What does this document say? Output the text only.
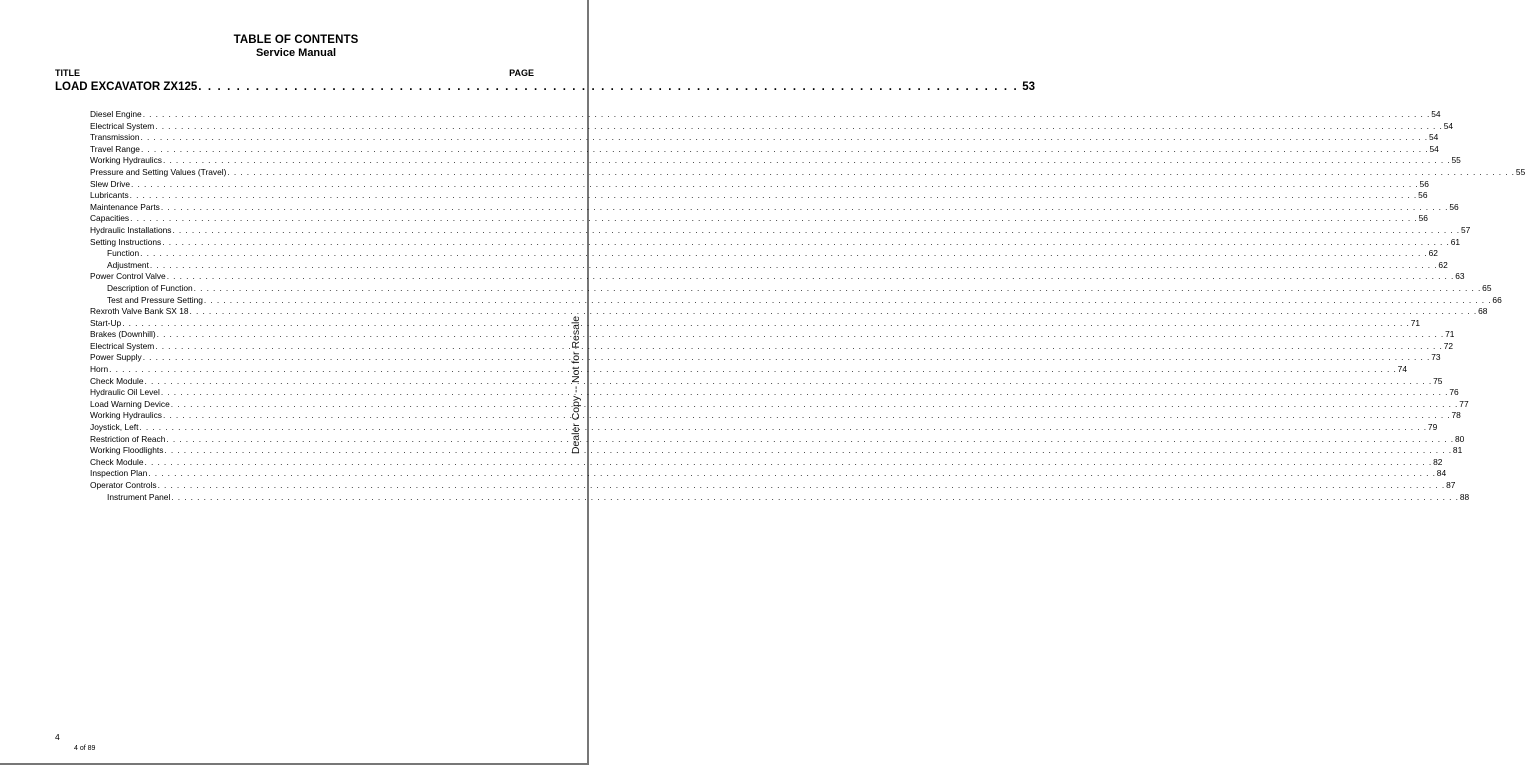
TABLE OF CONTENTS
Service Manual
TITLE	PAGE
LOAD EXCAVATOR ZX125 . . . . . . . . . . . . . . . . . . . . . . . . . . . . . . . . . . . . . . . . . . . . . . . . . . . . . . . . . . . . . . . . . . . . . . . . . . . . . . . . . . . . . . 53
Diesel Engine . . . . . . . . . . . . . . . . . . . . . . . . . . . . . . . . . . . . . . . . . . . . . . . . . . . . . . . . . . . . . . . . . . . . . . . . . . . . . . . . . . . . . . . . . . . . . . . . . . . . . . . . . . . . . . . . . . . . . . . . . . . . . . . . . . . . . . . . . . . . . . . . . . . . . . . . . . . . . . . . . . . . . . . . . . . . . . . . . . . . . . . . . . . . . . . . . . . . . . . . 54
Electrical System . . . . . . . . . . . . . . . . . . . . . . . . . . . . . . . . . . . . . . . . . . . . . . . . . . . . . . . . . . . . . . . . . . . . . . . . . . . . . . . . . . . . . . . . . . . . . . . . . . . . . . . . . . . . . . . . . . . . . . . . . . . . . . . . . . . . . . . . . . . . . . . . . . . . . . . . . . . . . . . . . . . . . . . . . . . . . . . . . . . . . . . . . . . . . . . . . . . . . . . . 54
Transmission . . . . . . . . . . . . . . . . . . . . . . . . . . . . . . . . . . . . . . . . . . . . . . . . . . . . . . . . . . . . . . . . . . . . . . . . . . . . . . . . . . . . . . . . . . . . . . . . . . . . . . . . . . . . . . . . . . . . . . . . . . . . . . . . . . . . . . . . . . . . . . . . . . . . . . . . . . . . . . . . . . . . . . . . . . . . . . . . . . . . . . . . . . . . . . . . . . . . . . . . 54
Travel Range . . . . . . . . . . . . . . . . . . . . . . . . . . . . . . . . . . . . . . . . . . . . . . . . . . . . . . . . . . . . . . . . . . . . . . . . . . . . . . . . . . . . . . . . . . . . . . . . . . . . . . . . . . . . . . . . . . . . . . . . . . . . . . . . . . . . . . . . . . . . . . . . . . . . . . . . . . . . . . . . . . . . . . . . . . . . . . . . . . . . . . . . . . . . . . . . . . . . . . . . 54
Working Hydraulics . . . . . . . . . . . . . . . . . . . . . . . . . . . . . . . . . . . . . . . . . . . . . . . . . . . . . . . . . . . . . . . . . . . . . . . . . . . . . . . . . . . . . . . . . . . . . . . . . . . . . . . . . . . . . . . . . . . . . . . . . . . . . . . . . . . . . . . . . . . . . . . . . . . . . . . . . . . . . . . . . . . . . . . . . . . . . . . . . . . . . . . . . . . . . . . . . . . . . . . . 55
Pressure and Setting Values (Travel) . . . . . . . . . . . . . . . . . . . . . . . . . . . . . . . . . . . . . . . . . . . . . . . . . . . . . . . . . . . . . . . . . . . . . . . . . . . . . . . . . . . . . . . . . . . . . . . . . . . . . . . . . . . . . . . . . . . . . . . . . . . . . . . . . . . . . . . . . . . . . . . . . . . . . . . . . . . . . . . . . . . . . . . . . . . . . . . . . . . . . . . . . . . . . . . . . . . . . . . . 55
Slew Drive . . . . . . . . . . . . . . . . . . . . . . . . . . . . . . . . . . . . . . . . . . . . . . . . . . . . . . . . . . . . . . . . . . . . . . . . . . . . . . . . . . . . . . . . . . . . . . . . . . . . . . . . . . . . . . . . . . . . . . . . . . . . . . . . . . . . . . . . . . . . . . . . . . . . . . . . . . . . . . . . . . . . . . . . . . . . . . . . . . . . . . . . . . . . . . . . . . . . . . . . 56
Lubricants . . . . . . . . . . . . . . . . . . . . . . . . . . . . . . . . . . . . . . . . . . . . . . . . . . . . . . . . . . . . . . . . . . . . . . . . . . . . . . . . . . . . . . . . . . . . . . . . . . . . . . . . . . . . . . . . . . . . . . . . . . . . . . . . . . . . . . . . . . . . . . . . . . . . . . . . . . . . . . . . . . . . . . . . . . . . . . . . . . . . . . . . . . . . . . . . . . . . . . . . 56
Maintenance Parts . . . . . . . . . . . . . . . . . . . . . . . . . . . . . . . . . . . . . . . . . . . . . . . . . . . . . . . . . . . . . . . . . . . . . . . . . . . . . . . . . . . . . . . . . . . . . . . . . . . . . . . . . . . . . . . . . . . . . . . . . . . . . . . . . . . . . . . . . . . . . . . . . . . . . . . . . . . . . . . . . . . . . . . . . . . . . . . . . . . . . . . . . . . . . . . . . . . . . . . . 56
Capacities . . . . . . . . . . . . . . . . . . . . . . . . . . . . . . . . . . . . . . . . . . . . . . . . . . . . . . . . . . . . . . . . . . . . . . . . . . . . . . . . . . . . . . . . . . . . . . . . . . . . . . . . . . . . . . . . . . . . . . . . . . . . . . . . . . . . . . . . . . . . . . . . . . . . . . . . . . . . . . . . . . . . . . . . . . . . . . . . . . . . . . . . . . . . . . . . . . . . . . . . 56
Hydraulic Installations . . . . . . . . . . . . . . . . . . . . . . . . . . . . . . . . . . . . . . . . . . . . . . . . . . . . . . . . . . . . . . . . . . . . . . . . . . . . . . . . . . . . . . . . . . . . . . . . . . . . . . . . . . . . . . . . . . . . . . . . . . . . . . . . . . . . . . . . . . . . . . . . . . . . . . . . . . . . . . . . . . . . . . . . . . . . . . . . . . . . . . . . . . . . . . . . . . . . . . . . 57
Setting Instructions . . . . . . . . . . . . . . . . . . . . . . . . . . . . . . . . . . . . . . . . . . . . . . . . . . . . . . . . . . . . . . . . . . . . . . . . . . . . . . . . . . . . . . . . . . . . . . . . . . . . . . . . . . . . . . . . . . . . . . . . . . . . . . . . . . . . . . . . . . . . . . . . . . . . . . . . . . . . . . . . . . . . . . . . . . . . . . . . . . . . . . . . . . . . . . . . . . . . . . . . 61
Function . . . . . . . . . . . . . . . . . . . . . . . . . . . . . . . . . . . . . . . . . . . . . . . . . . . . . . . . . . . . . . . . . . . . . . . . . . . . . . . . . . . . . . . . . . . . . . . . . . . . . . . . . . . . . . . . . . . . . . . . . . . . . . . . . . . . . . . . . . . . . . . . . . . . . . . . . . . . . . . . . . . . . . . . . . . . . . . . . . . . . . . . . . . . . . . . . . . . . . . . 62
Adjustment . . . . . . . . . . . . . . . . . . . . . . . . . . . . . . . . . . . . . . . . . . . . . . . . . . . . . . . . . . . . . . . . . . . . . . . . . . . . . . . . . . . . . . . . . . . . . . . . . . . . . . . . . . . . . . . . . . . . . . . . . . . . . . . . . . . . . . . . . . . . . . . . . . . . . . . . . . . . . . . . . . . . . . . . . . . . . . . . . . . . . . . . . . . . . . . . . . . . . . . . 62
Power Control Valve . . . . . . . . . . . . . . . . . . . . . . . . . . . . . . . . . . . . . . . . . . . . . . . . . . . . . . . . . . . . . . . . . . . . . . . . . . . . . . . . . . . . . . . . . . . . . . . . . . . . . . . . . . . . . . . . . . . . . . . . . . . . . . . . . . . . . . . . . . . . . . . . . . . . . . . . . . . . . . . . . . . . . . . . . . . . . . . . . . . . . . . . . . . . . . . . . . . . . . . . 63
Description of Function . . . . . . . . . . . . . . . . . . . . . . . . . . . . . . . . . . . . . . . . . . . . . . . . . . . . . . . . . . . . . . . . . . . . . . . . . . . . . . . . . . . . . . . . . . . . . . . . . . . . . . . . . . . . . . . . . . . . . . . . . . . . . . . . . . . . . . . . . . . . . . . . . . . . . . . . . . . . . . . . . . . . . . . . . . . . . . . . . . . . . . . . . . . . . . . . . . . . . . . . 65
Test and Pressure Setting . . . . . . . . . . . . . . . . . . . . . . . . . . . . . . . . . . . . . . . . . . . . . . . . . . . . . . . . . . . . . . . . . . . . . . . . . . . . . . . . . . . . . . . . . . . . . . . . . . . . . . . . . . . . . . . . . . . . . . . . . . . . . . . . . . . . . . . . . . . . . . . . . . . . . . . . . . . . . . . . . . . . . . . . . . . . . . . . . . . . . . . . . . . . . . . . . . . . . . . . 66
Rexroth Valve Bank SX 18 . . . . . . . . . . . . . . . . . . . . . . . . . . . . . . . . . . . . . . . . . . . . . . . . . . . . . . . . . . . . . . . . . . . . . . . . . . . . . . . . . . . . . . . . . . . . . . . . . . . . . . . . . . . . . . . . . . . . . . . . . . . . . . . . . . . . . . . . . . . . . . . . . . . . . . . . . . . . . . . . . . . . . . . . . . . . . . . . . . . . . . . . . . . . . . . . . . . . . . . . 68
Start-Up . . . . . . . . . . . . . . . . . . . . . . . . . . . . . . . . . . . . . . . . . . . . . . . . . . . . . . . . . . . . . . . . . . . . . . . . . . . . . . . . . . . . . . . . . . . . . . . . . . . . . . . . . . . . . . . . . . . . . . . . . . . . . . . . . . . . . . . . . . . . . . . . . . . . . . . . . . . . . . . . . . . . . . . . . . . . . . . . . . . . . . . . . . . . . . . . . . . . . . . . 71
Brakes (Downhill) . . . . . . . . . . . . . . . . . . . . . . . . . . . . . . . . . . . . . . . . . . . . . . . . . . . . . . . . . . . . . . . . . . . . . . . . . . . . . . . . . . . . . . . . . . . . . . . . . . . . . . . . . . . . . . . . . . . . . . . . . . . . . . . . . . . . . . . . . . . . . . . . . . . . . . . . . . . . . . . . . . . . . . . . . . . . . . . . . . . . . . . . . . . . . . . . . . . . . . . . 71
Electrical System . . . . . . . . . . . . . . . . . . . . . . . . . . . . . . . . . . . . . . . . . . . . . . . . . . . . . . . . . . . . . . . . . . . . . . . . . . . . . . . . . . . . . . . . . . . . . . . . . . . . . . . . . . . . . . . . . . . . . . . . . . . . . . . . . . . . . . . . . . . . . . . . . . . . . . . . . . . . . . . . . . . . . . . . . . . . . . . . . . . . . . . . . . . . . . . . . . . . . . . . 72
Power Supply . . . . . . . . . . . . . . . . . . . . . . . . . . . . . . . . . . . . . . . . . . . . . . . . . . . . . . . . . . . . . . . . . . . . . . . . . . . . . . . . . . . . . . . . . . . . . . . . . . . . . . . . . . . . . . . . . . . . . . . . . . . . . . . . . . . . . . . . . . . . . . . . . . . . . . . . . . . . . . . . . . . . . . . . . . . . . . . . . . . . . . . . . . . . . . . . . . . . . . . . 73
Horn . . . . . . . . . . . . . . . . . . . . . . . . . . . . . . . . . . . . . . . . . . . . . . . . . . . . . . . . . . . . . . . . . . . . . . . . . . . . . . . . . . . . . . . . . . . . . . . . . . . . . . . . . . . . . . . . . . . . . . . . . . . . . . . . . . . . . . . . . . . . . . . . . . . . . . . . . . . . . . . . . . . . . . . . . . . . . . . . . . . . . . . . . . . . . . . . . . . . . . . . 74
Check Module . . . . . . . . . . . . . . . . . . . . . . . . . . . . . . . . . . . . . . . . . . . . . . . . . . . . . . . . . . . . . . . . . . . . . . . . . . . . . . . . . . . . . . . . . . . . . . . . . . . . . . . . . . . . . . . . . . . . . . . . . . . . . . . . . . . . . . . . . . . . . . . . . . . . . . . . . . . . . . . . . . . . . . . . . . . . . . . . . . . . . . . . . . . . . . . . . . . . . . . . 75
Hydraulic Oil Level . . . . . . . . . . . . . . . . . . . . . . . . . . . . . . . . . . . . . . . . . . . . . . . . . . . . . . . . . . . . . . . . . . . . . . . . . . . . . . . . . . . . . . . . . . . . . . . . . . . . . . . . . . . . . . . . . . . . . . . . . . . . . . . . . . . . . . . . . . . . . . . . . . . . . . . . . . . . . . . . . . . . . . . . . . . . . . . . . . . . . . . . . . . . . . . . . . . . . . . . 76
Load Warning Device . . . . . . . . . . . . . . . . . . . . . . . . . . . . . . . . . . . . . . . . . . . . . . . . . . . . . . . . . . . . . . . . . . . . . . . . . . . . . . . . . . . . . . . . . . . . . . . . . . . . . . . . . . . . . . . . . . . . . . . . . . . . . . . . . . . . . . . . . . . . . . . . . . . . . . . . . . . . . . . . . . . . . . . . . . . . . . . . . . . . . . . . . . . . . . . . . . . . . . . . 77
Working Hydraulics . . . . . . . . . . . . . . . . . . . . . . . . . . . . . . . . . . . . . . . . . . . . . . . . . . . . . . . . . . . . . . . . . . . . . . . . . . . . . . . . . . . . . . . . . . . . . . . . . . . . . . . . . . . . . . . . . . . . . . . . . . . . . . . . . . . . . . . . . . . . . . . . . . . . . . . . . . . . . . . . . . . . . . . . . . . . . . . . . . . . . . . . . . . . . . . . . . . . . . . . 78
Joystick, Left . . . . . . . . . . . . . . . . . . . . . . . . . . . . . . . . . . . . . . . . . . . . . . . . . . . . . . . . . . . . . . . . . . . . . . . . . . . . . . . . . . . . . . . . . . . . . . . . . . . . . . . . . . . . . . . . . . . . . . . . . . . . . . . . . . . . . . . . . . . . . . . . . . . . . . . . . . . . . . . . . . . . . . . . . . . . . . . . . . . . . . . . . . . . . . . . . . . . . . . . 79
Restriction of Reach . . . . . . . . . . . . . . . . . . . . . . . . . . . . . . . . . . . . . . . . . . . . . . . . . . . . . . . . . . . . . . . . . . . . . . . . . . . . . . . . . . . . . . . . . . . . . . . . . . . . . . . . . . . . . . . . . . . . . . . . . . . . . . . . . . . . . . . . . . . . . . . . . . . . . . . . . . . . . . . . . . . . . . . . . . . . . . . . . . . . . . . . . . . . . . . . . . . . . . . . 80
Working Floodlights . . . . . . . . . . . . . . . . . . . . . . . . . . . . . . . . . . . . . . . . . . . . . . . . . . . . . . . . . . . . . . . . . . . . . . . . . . . . . . . . . . . . . . . . . . . . . . . . . . . . . . . . . . . . . . . . . . . . . . . . . . . . . . . . . . . . . . . . . . . . . . . . . . . . . . . . . . . . . . . . . . . . . . . . . . . . . . . . . . . . . . . . . . . . . . . . . . . . . . . . 81
Check Module . . . . . . . . . . . . . . . . . . . . . . . . . . . . . . . . . . . . . . . . . . . . . . . . . . . . . . . . . . . . . . . . . . . . . . . . . . . . . . . . . . . . . . . . . . . . . . . . . . . . . . . . . . . . . . . . . . . . . . . . . . . . . . . . . . . . . . . . . . . . . . . . . . . . . . . . . . . . . . . . . . . . . . . . . . . . . . . . . . . . . . . . . . . . . . . . . . . . . . . . 82
Inspection Plan . . . . . . . . . . . . . . . . . . . . . . . . . . . . . . . . . . . . . . . . . . . . . . . . . . . . . . . . . . . . . . . . . . . . . . . . . . . . . . . . . . . . . . . . . . . . . . . . . . . . . . . . . . . . . . . . . . . . . . . . . . . . . . . . . . . . . . . . . . . . . . . . . . . . . . . . . . . . . . . . . . . . . . . . . . . . . . . . . . . . . . . . . . . . . . . . . . . . . . . . 84
Operator Controls . . . . . . . . . . . . . . . . . . . . . . . . . . . . . . . . . . . . . . . . . . . . . . . . . . . . . . . . . . . . . . . . . . . . . . . . . . . . . . . . . . . . . . . . . . . . . . . . . . . . . . . . . . . . . . . . . . . . . . . . . . . . . . . . . . . . . . . . . . . . . . . . . . . . . . . . . . . . . . . . . . . . . . . . . . . . . . . . . . . . . . . . . . . . . . . . . . . . . . . . 87
Instrument Panel . . . . . . . . . . . . . . . . . . . . . . . . . . . . . . . . . . . . . . . . . . . . . . . . . . . . . . . . . . . . . . . . . . . . . . . . . . . . . . . . . . . . . . . . . . . . . . . . . . . . . . . . . . . . . . . . . . . . . . . . . . . . . . . . . . . . . . . . . . . . . . . . . . . . . . . . . . . . . . . . . . . . . . . . . . . . . . . . . . . . . . . . . . . . . . . . . . . . . . . . 88
Dealer Copy -- Not for Resale
4
4 of 89
